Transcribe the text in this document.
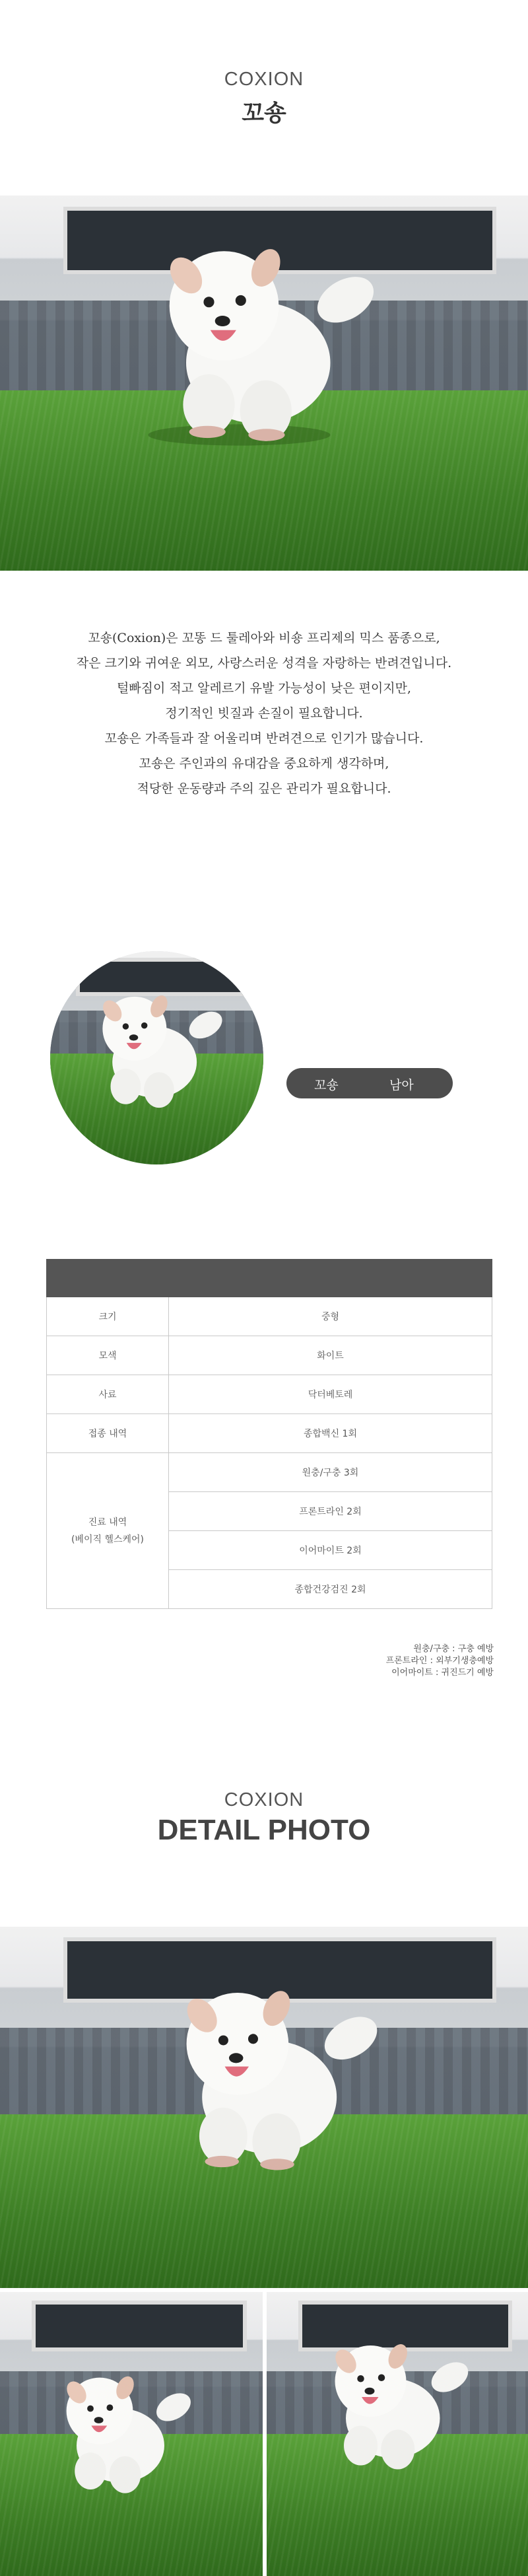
COXION
꼬숑

꼬숑(Coxion)은 꼬똥 드 툴레아와 비숑 프리제의 믹스 품종으로,

작은 크기와 귀여운 외모, 사랑스러운 성격을 자랑하는 반려견입니다.

털빠짐이 적고 알레르기 유발 가능성이 낮은 편이지만,

정기적인 빗질과 손질이 필요합니다.

꼬숑은 가족들과 잘 어울리며 반려견으로 인기가 많습니다.

꼬숑은 주인과의 유대감을 중요하게 생각하며,

적당한 운동량과 주의 깊은 관리가 필요합니다.

꼬숑	남아

크기	중형
모색	화이트
사료	닥터베토레
접종 내역	종합백신 1회

진료 내역
(베이직 헬스케어)	원충/구충 3회
	프론트라인 2회
	이어마이트 2회
	종합건강검진 2회
원충/구충 : 구충 예방
프론트라인 : 외부기생충예방
이어마이트 : 귀진드기 예방
COXION
DETAIL PHOTO
